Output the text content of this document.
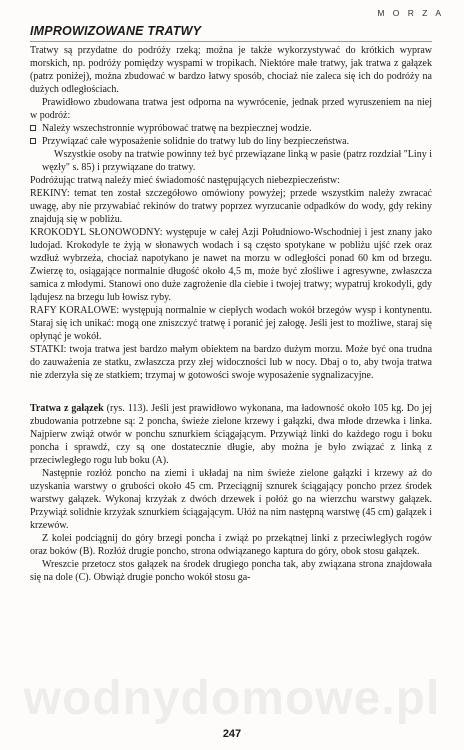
M O R Z A
IMPROWIZOWANE TRATWY

Tratwy są przydatne do podróży rzeką; można je także wykorzystywać do krótkich wypraw morskich, np. podróży pomiędzy wyspami w tropikach. Niektóre małe tratwy, jak tratwa z gałązek (patrz poniżej), można zbudować w bardzo łatwy sposób, chociaż nie zaleca się ich do podróży na dużych odległościach.

Prawidłowo zbudowana tratwa jest odporna na wywrócenie, jednak przed wyruszeniem na niej w podróż:

Należy wszechstronnie wypróbować tratwę na bezpiecznej wodzie.

Przywiązać całe wyposażenie solidnie do tratwy lub do liny bezpieczeństwa.

Wszystkie osoby na tratwie powinny też być przewiązane linką w pasie (patrz rozdział "Liny i węzły" s. 85) i przywiązane do tratwy.

Podróżując tratwą należy mieć świadomość następujących niebezpieczeństw:

REKINY: temat ten został szczegółowo omówiony powyżej; przede wszystkim należy zwracać uwagę, aby nie przywabiać rekinów do tratwy poprzez wyrzucanie odpadków do wody, gdy rekiny znajdują się w pobliżu.

KROKODYL SŁONOWODNY: występuje w całej Azji Południowo-Wschodniej i jest znany jako ludojad. Krokodyle te żyją w słonawych wodach i są często spotykane w pobliżu ujść rzek oraz wzdłuż wybrzeża, chociaż napotykano je nawet na morzu w odległości ponad 60 km od brzegu. Zwierzę to, osiągające normalnie długość około 4,5 m, może być złośliwe i agresywne, zwłaszcza samica z młodymi. Stanowi ono duże zagrożenie dla ciebie i twojej tratwy; wypatruj krokodyli, gdy lądujesz na brzegu lub łowisz ryby.

RAFY KORALOWE: występują normalnie w ciepłych wodach wokół brzegów wysp i kontynentu. Staraj się ich unikać: mogą one zniszczyć tratwę i poranić jej załogę. Jeśli jest to możliwe, staraj się opłynąć je wokół.

STATKI: twoja tratwa jest bardzo małym obiektem na bardzo dużym morzu. Może być ona trudna do zauważenia ze statku, zwłaszcza przy złej widoczności lub w nocy. Dbaj o to, aby twoja tratwa nie zderzyła się ze statkiem; trzymaj w gotowości swoje wyposażenie sygnalizacyjne.

Tratwa z gałązek (rys. 113). Jeśli jest prawidłowo wykonana, ma ładowność około 105 kg. Do jej zbudowania potrzebne są: 2 poncha, świeże zielone krzewy i gałązki, dwa młode drzewka i linka. Najpierw zwiąż otwór w ponchu sznurkiem ściągającym. Przywiąż linki do każdego rogu i boku poncha i sprawdź, czy są one dostatecznie długie, aby można je było związać z linką z przeciwległego rogu lub boku (A).

Następnie rozłóż poncho na ziemi i układaj na nim świeże zielone gałązki i krzewy aż do uzyskania warstwy o grubości około 45 cm. Przeciągnij sznurek ściągający poncho przez środek warstwy gałązek. Wykonaj krzyżak z dwóch drzewek i połóż go na wierzchu warstwy gałązek. Przywiąż solidnie krzyżak sznurkiem ściągającym. Ułóż na nim następną warstwę (45 cm) gałązek i krzewów.

Z kolei podciągnij do góry brzegi poncha i zwiąż po przekątnej linki z przeciwległych rogów oraz boków (B). Rozłóż drugie poncho, strona odwiązanego kaptura do góry, obok stosu gałązek.

Wreszcie przetocz stos gałązek na środek drugiego poncha tak, aby związana strona znajdowała się na dole (C). Obwiąż drugie poncho wokół stosu ga-

wodnydomowe.pl
247
